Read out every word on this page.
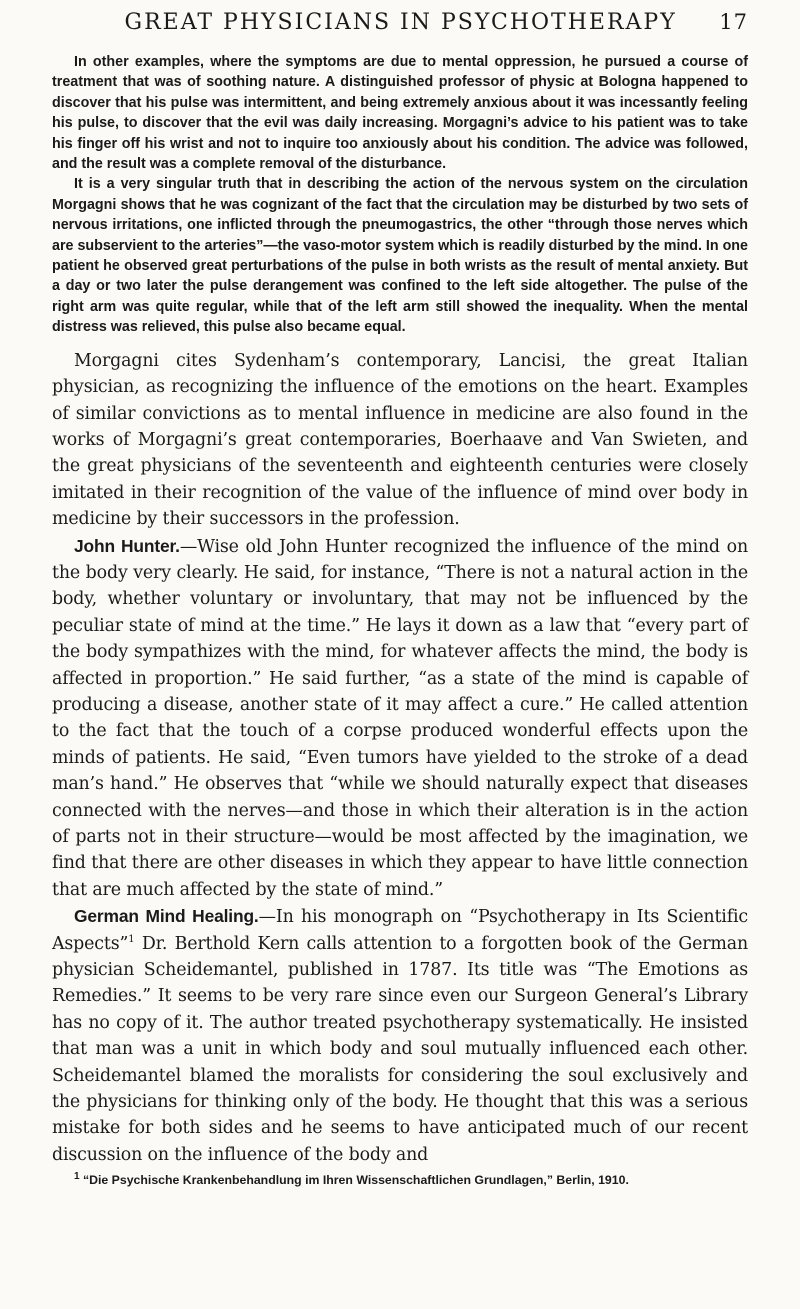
GREAT PHYSICIANS IN PSYCHOTHERAPY 17

In other examples, where the symptoms are due to mental oppression, he pursued a course of treatment that was of soothing nature. A distinguished professor of physic at Bologna happened to discover that his pulse was intermittent, and being extremely anxious about it was incessantly feeling his pulse, to discover that the evil was daily increasing. Morgagni’s advice to his patient was to take his finger off his wrist and not to inquire too anxiously about his condition. The advice was followed, and the result was a complete removal of the disturbance.

It is a very singular truth that in describing the action of the nervous system on the circulation Morgagni shows that he was cognizant of the fact that the circulation may be disturbed by two sets of nervous irritations, one inflicted through the pneumogastrics, the other “through those nerves which are subservient to the arteries”—the vaso-motor system which is readily disturbed by the mind. In one patient he observed great perturbations of the pulse in both wrists as the result of mental anxiety. But a day or two later the pulse derangement was confined to the left side altogether. The pulse of the right arm was quite regular, while that of the left arm still showed the inequality. When the mental distress was relieved, this pulse also became equal.

Morgagni cites Sydenham’s contemporary, Lancisi, the great Italian physician, as recognizing the influence of the emotions on the heart. Examples of similar convictions as to mental influence in medicine are also found in the works of Morgagni’s great contemporaries, Boerhaave and Van Swieten, and the great physicians of the seventeenth and eighteenth centuries were closely imitated in their recognition of the value of the influence of mind over body in medicine by their successors in the profession.

John Hunter.—Wise old John Hunter recognized the influence of the mind on the body very clearly. He said, for instance, “There is not a natural action in the body, whether voluntary or involuntary, that may not be influenced by the peculiar state of mind at the time.” He lays it down as a law that “every part of the body sympathizes with the mind, for whatever affects the mind, the body is affected in proportion.” He said further, “as a state of the mind is capable of producing a disease, another state of it may affect a cure.” He called attention to the fact that the touch of a corpse produced wonderful effects upon the minds of patients. He said, “Even tumors have yielded to the stroke of a dead man’s hand.” He observes that “while we should naturally expect that diseases connected with the nerves—and those in which their alteration is in the action of parts not in their structure—would be most affected by the imagination, we find that there are other diseases in which they appear to have little connection that are much affected by the state of mind.”

German Mind Healing.—In his monograph on “Psychotherapy in Its Scientific Aspects”$^1$ Dr. Berthold Kern calls attention to a forgotten book of the German physician Scheidemantel, published in 1787. Its title was “The Emotions as Remedies.” It seems to be very rare since even our Surgeon General’s Library has no copy of it. The author treated psychotherapy systematically. He insisted that man was a unit in which body and soul mutually influenced each other. Scheidemantel blamed the moralists for considering the soul exclusively and the physicians for thinking only of the body. He thought that this was a serious mistake for both sides and he seems to have anticipated much of our recent discussion on the influence of the body and

$^1$ “Die Psychische Krankenbehandlung im Ihren Wissenschaftlichen Grundlagen,” Berlin, 1910.
